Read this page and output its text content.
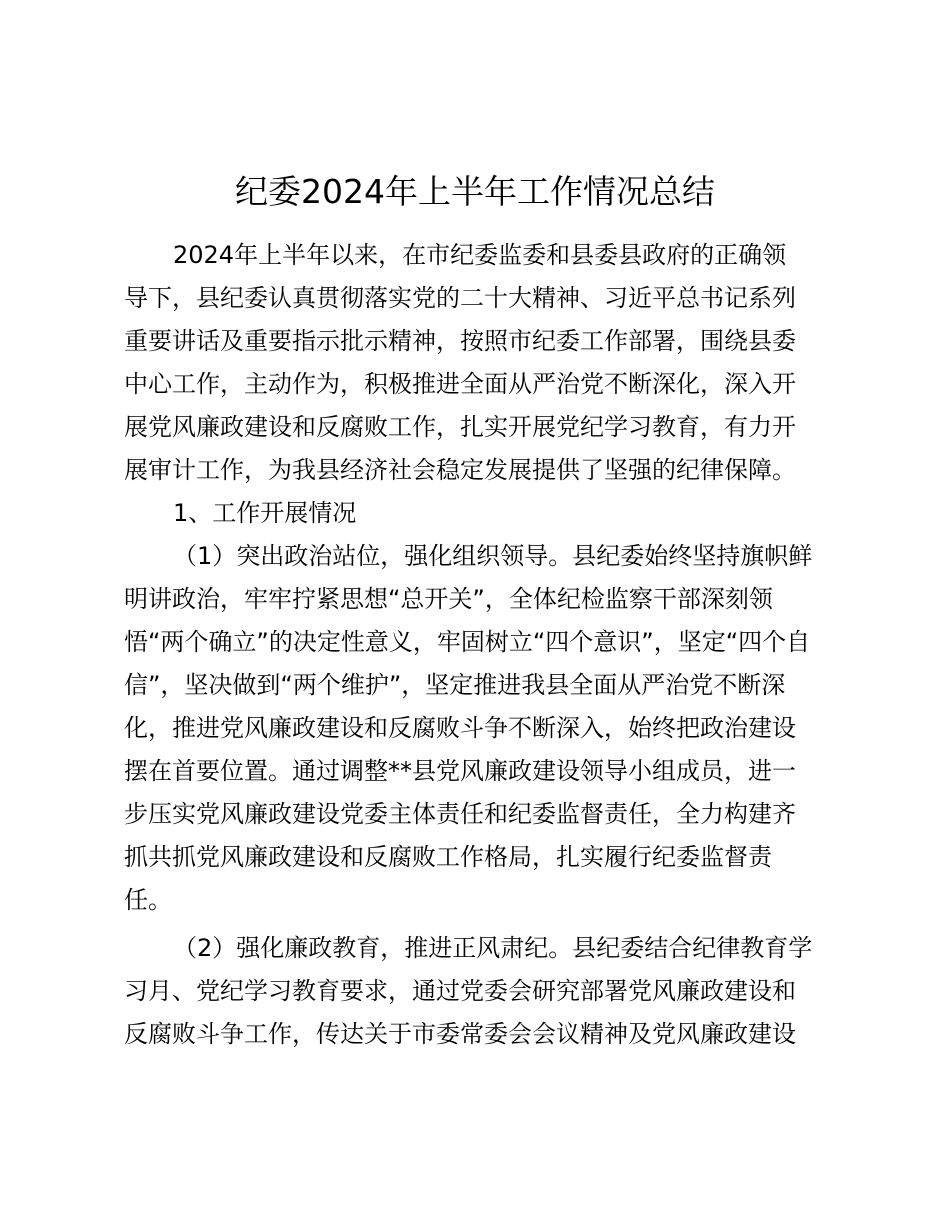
纪委2024年上半年工作情况总结
2024年上半年以来，在市纪委监委和县委县政府的正确领
导下，县纪委认真贯彻落实党的二十大精神、习近平总书记系列
重要讲话及重要指示批示精神，按照市纪委工作部署，围绕县委
中心工作，主动作为，积极推进全面从严治党不断深化，深入开
展党风廉政建设和反腐败工作，扎实开展党纪学习教育，有力开
展审计工作，为我县经济社会稳定发展提供了坚强的纪律保障。
1、工作开展情况
（1）突出政治站位，强化组织领导。县纪委始终坚持旗帜鲜
明讲政治，牢牢拧紧思想“总开关”，全体纪检监察干部深刻领
悟“两个确立”的决定性意义，牢固树立“四个意识”，坚定“四个自
信”，坚决做到“两个维护”，坚定推进我县全面从严治党不断深
化，推进党风廉政建设和反腐败斗争不断深入，始终把政治建设
摆在首要位置。通过调整**县党风廉政建设领导小组成员，进一
步压实党风廉政建设党委主体责任和纪委监督责任，全力构建齐
抓共抓党风廉政建设和反腐败工作格局，扎实履行纪委监督责
任。
（2）强化廉政教育，推进正风肃纪。县纪委结合纪律教育学
习月、党纪学习教育要求，通过党委会研究部署党风廉政建设和
反腐败斗争工作，传达关于市委常委会会议精神及党风廉政建设
